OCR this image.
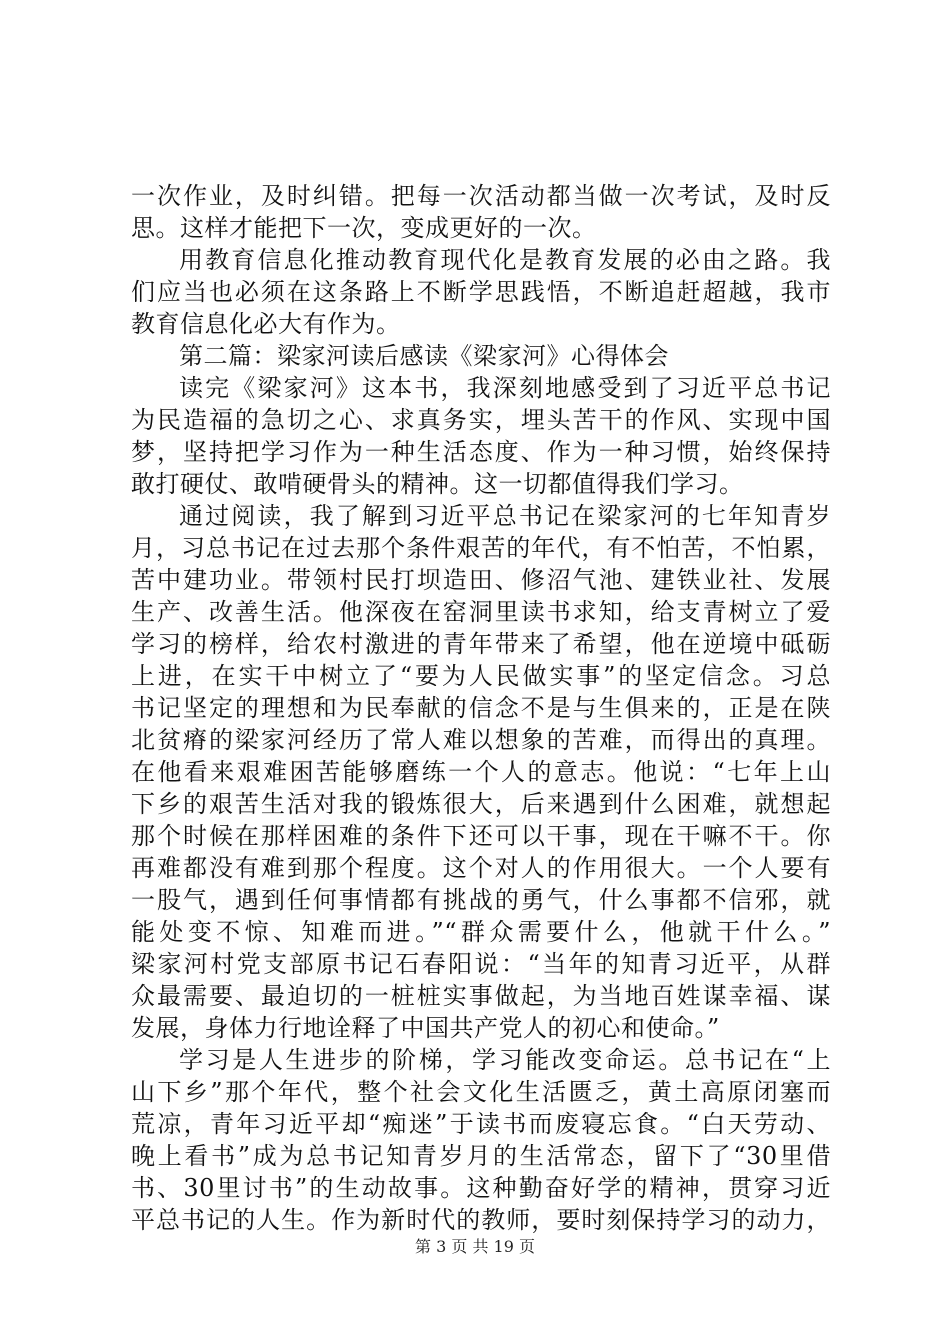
一次作业，及时纠错。把每一次活动都当做一次考试，及时反
思。这样才能把下一次，变成更好的一次。
用教育信息化推动教育现代化是教育发展的必由之路。我
们应当也必须在这条路上不断学思践悟，不断追赶超越，我市
教育信息化必大有作为。
第二篇：梁家河读后感读《梁家河》心得体会
读完《梁家河》这本书，我深刻地感受到了习近平总书记
为民造福的急切之心、求真务实，埋头苦干的作风、实现中国
梦，坚持把学习作为一种生活态度、作为一种习惯，始终保持
敢打硬仗、敢啃硬骨头的精神。这一切都值得我们学习。
通过阅读，我了解到习近平总书记在梁家河的七年知青岁
月，习总书记在过去那个条件艰苦的年代，有不怕苦，不怕累，
苦中建功业。带领村民打坝造田、修沼气池、建铁业社、发展
生产、改善生活。他深夜在窑洞里读书求知，给支青树立了爱
学习的榜样，给农村激进的青年带来了希望，他在逆境中砥砺
上进，在实干中树立了“要为人民做实事”的坚定信念。习总
书记坚定的理想和为民奉献的信念不是与生俱来的，正是在陕
北贫瘠的梁家河经历了常人难以想象的苦难，而得出的真理。
在他看来艰难困苦能够磨练一个人的意志。他说：“七年上山
下乡的艰苦生活对我的锻炼很大，后来遇到什么困难，就想起
那个时候在那样困难的条件下还可以干事，现在干嘛不干。你
再难都没有难到那个程度。这个对人的作用很大。一个人要有
一股气，遇到任何事情都有挑战的勇气，什么事都不信邪，就
能处变不惊、知难而进。”“群众需要什么，他就干什么。”
梁家河村党支部原书记石春阳说：“当年的知青习近平，从群
众最需要、最迫切的一桩桩实事做起，为当地百姓谋幸福、谋
发展，身体力行地诠释了中国共产党人的初心和使命。”
学习是人生进步的阶梯，学习能改变命运。总书记在“上
山下乡”那个年代，整个社会文化生活匮乏，黄土高原闭塞而
荒凉，青年习近平却“痴迷”于读书而废寝忘食。“白天劳动、
晚上看书”成为总书记知青岁月的生活常态，留下了“30里借
书、30里讨书”的生动故事。这种勤奋好学的精神，贯穿习近
平总书记的人生。作为新时代的教师，要时刻保持学习的动力，
第 3 页 共 19 页
